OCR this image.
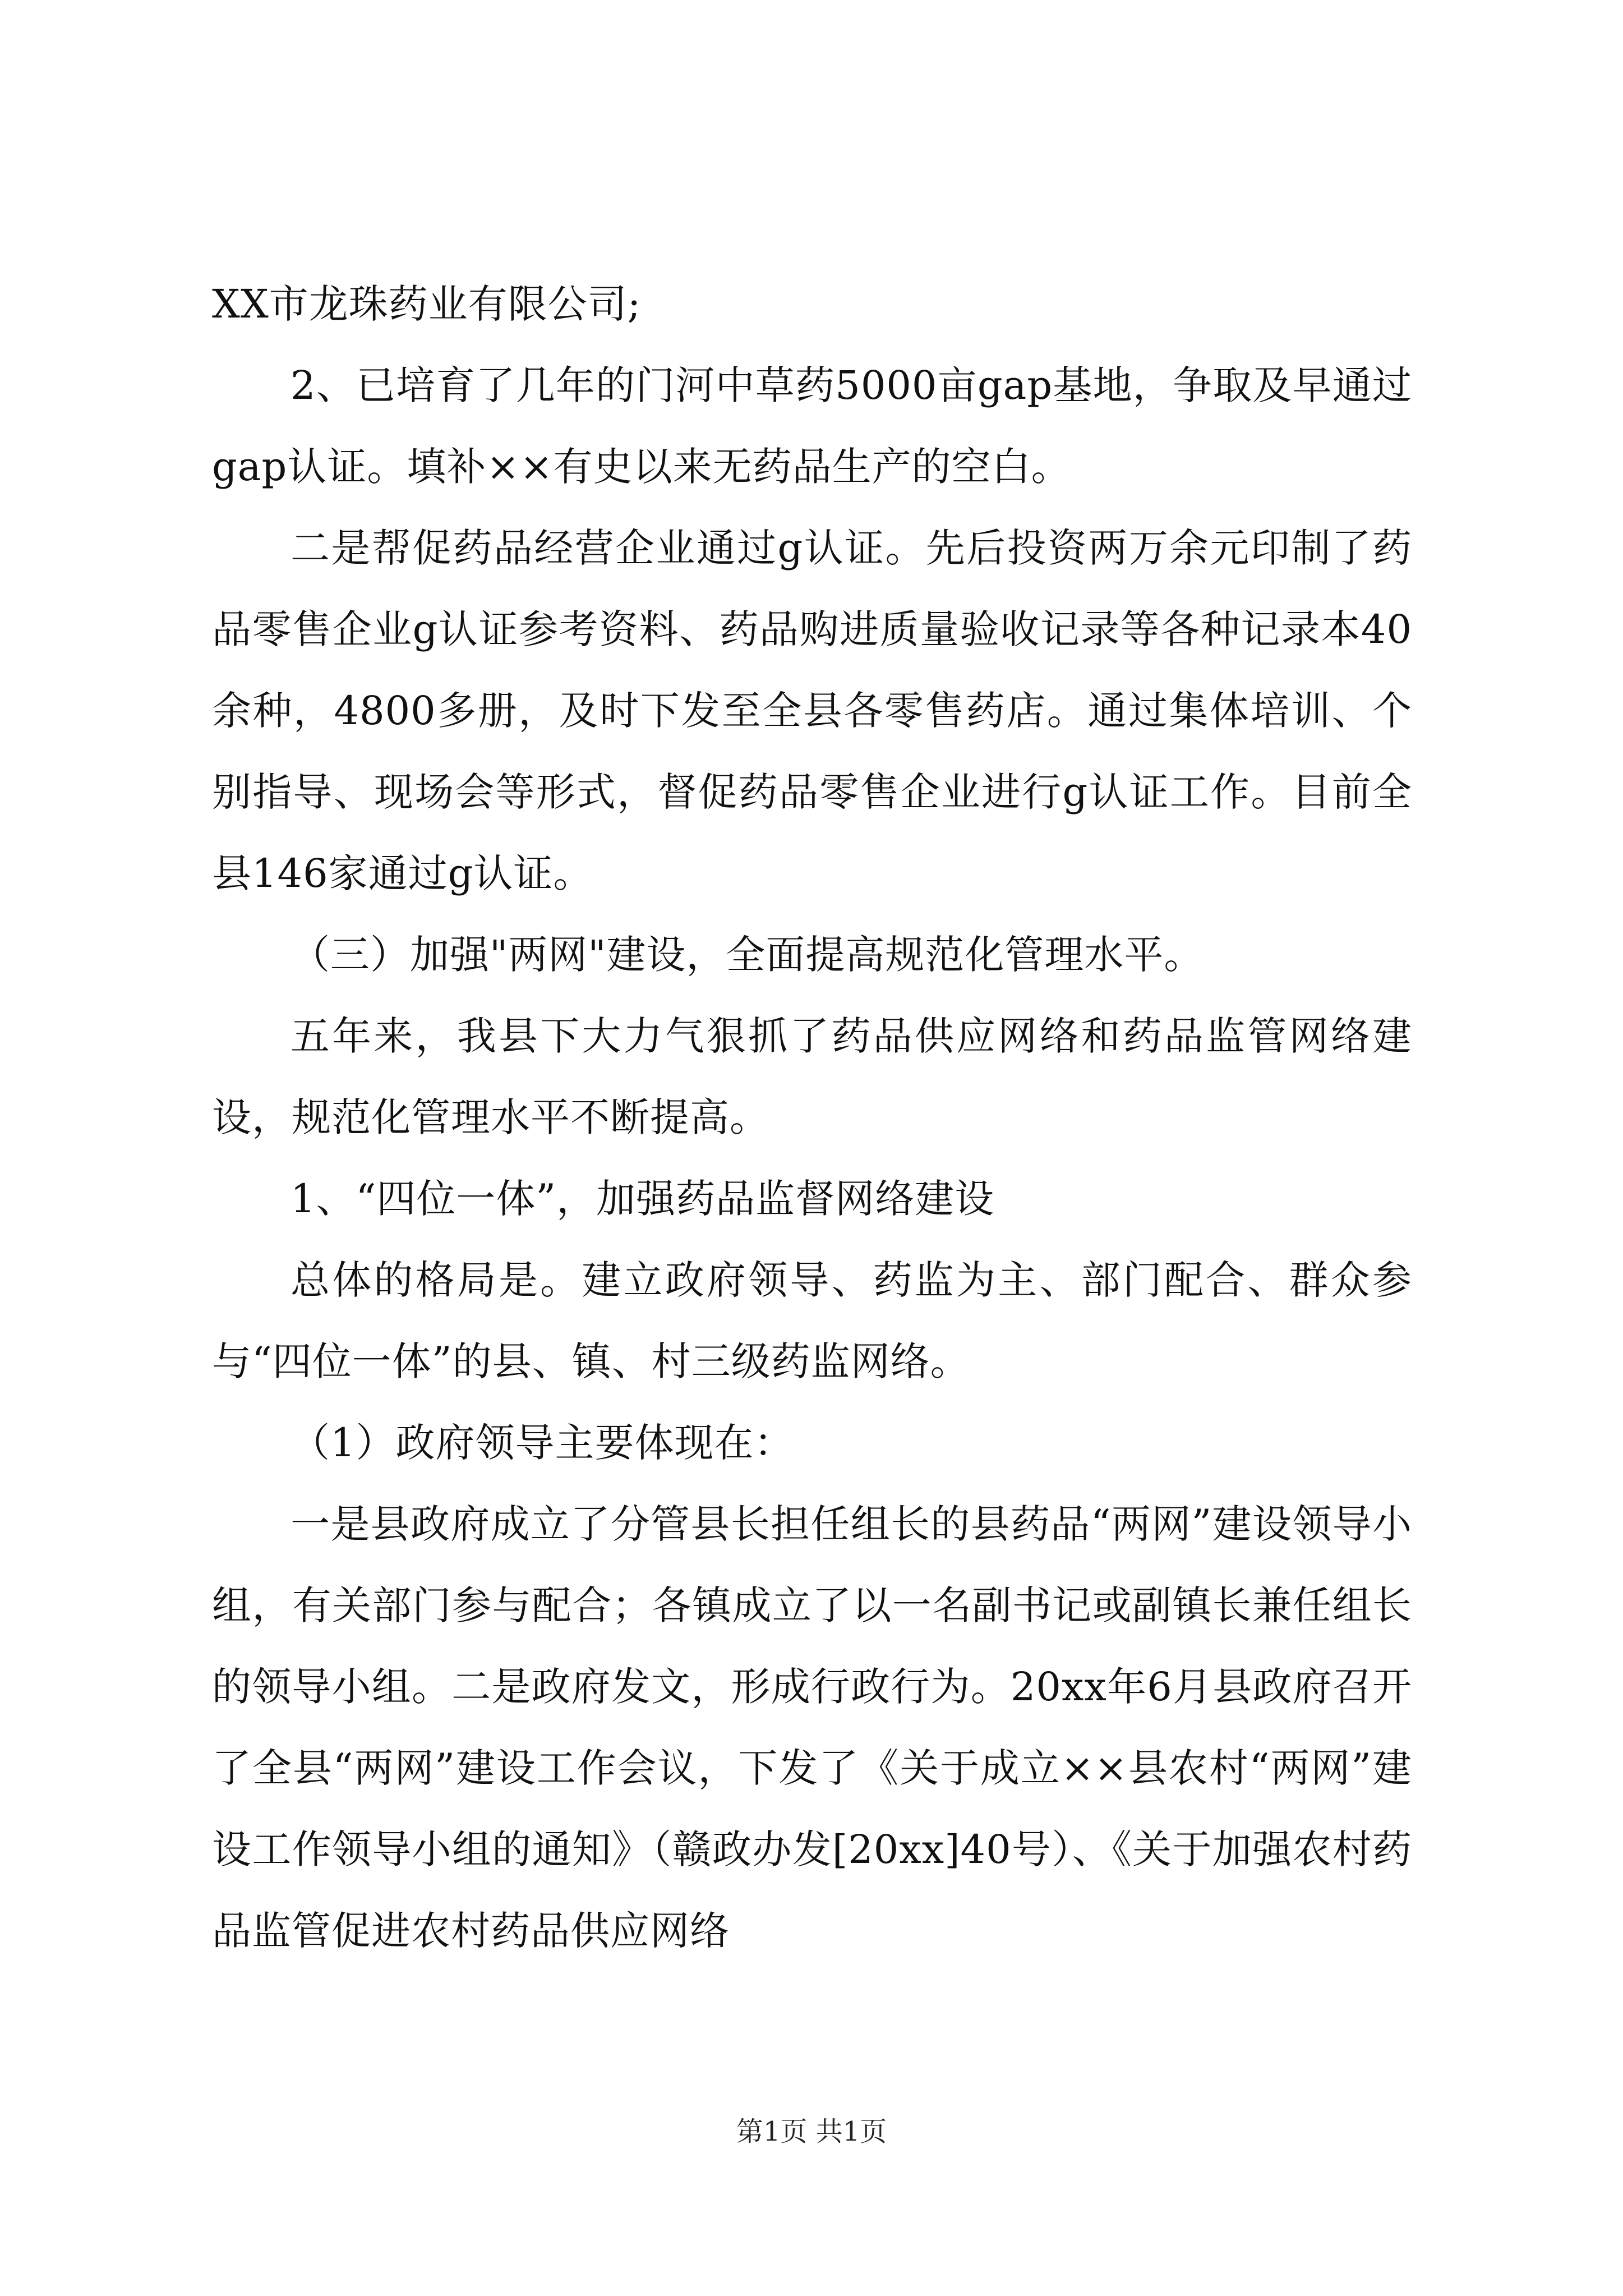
XX市龙珠药业有限公司;

2、已培育了几年的门河中草药5000亩gap基地，争取及早通过gap认证。填补××有史以来无药品生产的空白。

二是帮促药品经营企业通过g认证。先后投资两万余元印制了药品零售企业g认证参考资料、药品购进质量验收记录等各种记录本40余种，4800多册，及时下发至全县各零售药店。通过集体培训、个别指导、现场会等形式，督促药品零售企业进行g认证工作。目前全县146家通过g认证。

（三）加强"两网"建设，全面提高规范化管理水平。

五年来，我县下大力气狠抓了药品供应网络和药品监管网络建设，规范化管理水平不断提高。

1、“四位一体”，加强药品监督网络建设

总体的格局是。建立政府领导、药监为主、部门配合、群众参与“四位一体”的县、镇、村三级药监网络。

（1）政府领导主要体现在：

一是县政府成立了分管县长担任组长的县药品“两网”建设领导小组，有关部门参与配合；各镇成立了以一名副书记或副镇长兼任组长的领导小组。二是政府发文，形成行政行为。20xx年6月县政府召开了全县“两网”建设工作会议，下发了《关于成立××县农村“两网”建设工作领导小组的通知》（赣政办发[20xx]40号）、《关于加强农村药品监管促进农村药品供应网络

第1页 共1页
